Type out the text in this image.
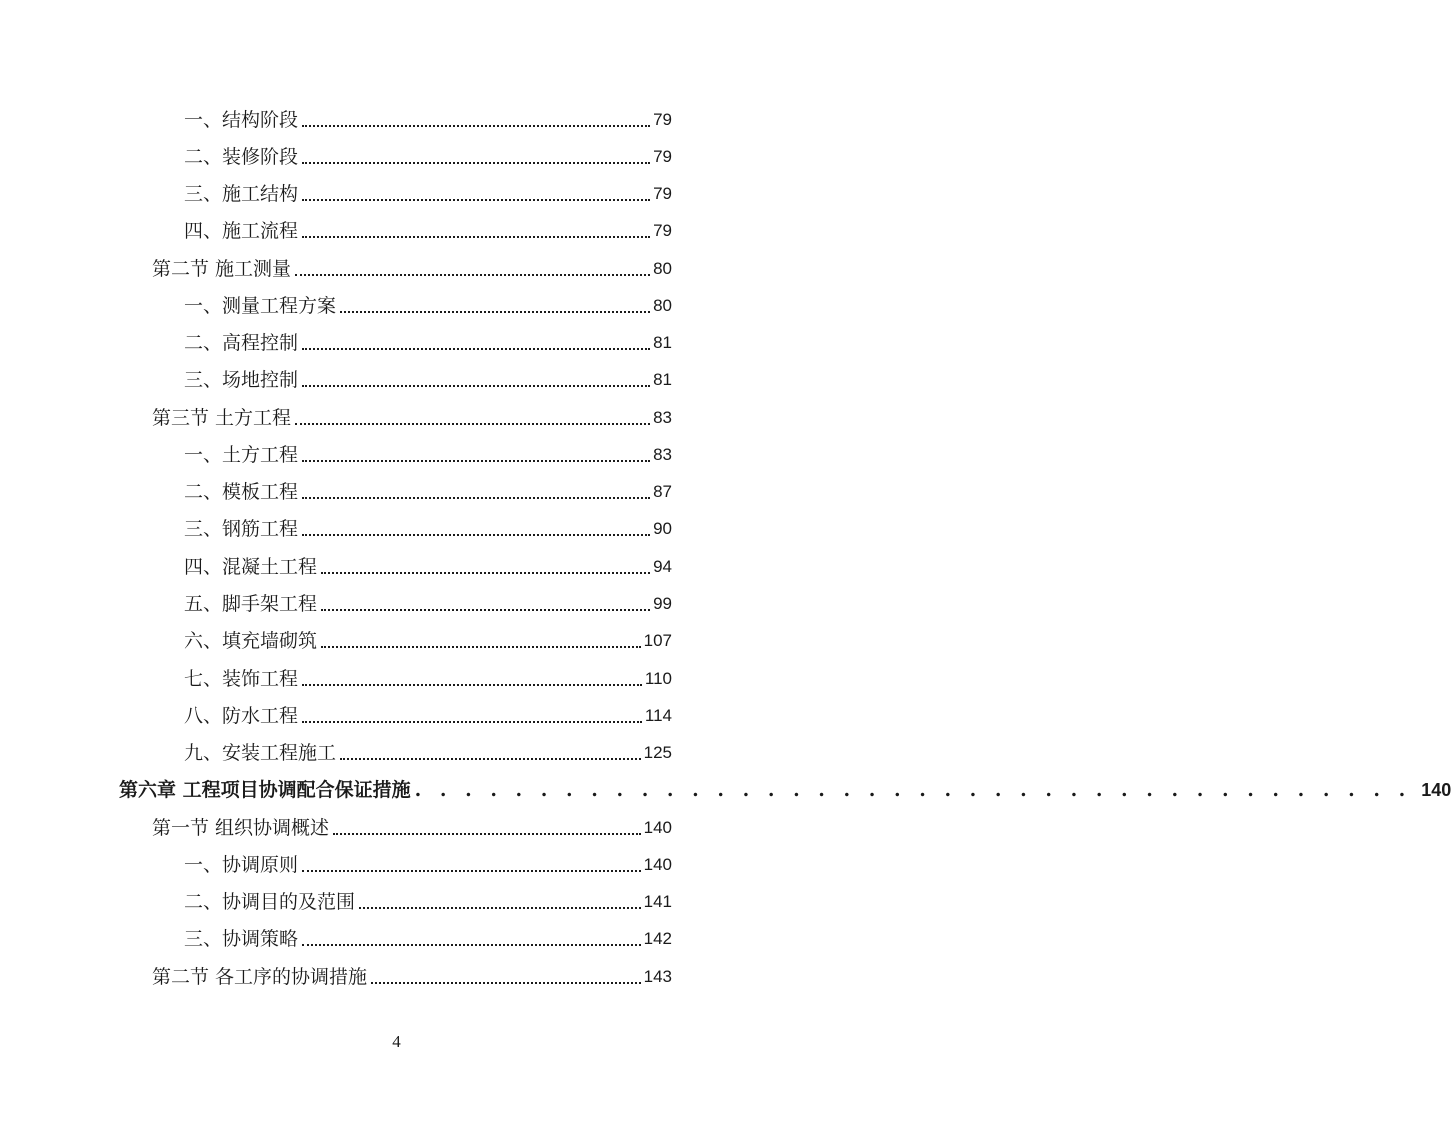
一、结构阶段	79
二、装修阶段	79
三、施工结构	79
四、施工流程	79
第二节 施工测量	80
一、测量工程方案	80
二、高程控制	81
三、场地控制	81
第三节 土方工程	83
一、土方工程	83
二、模板工程	87
三、钢筋工程	90
四、混凝土工程	94
五、脚手架工程	99
六、填充墙砌筑	107
七、装饰工程	110
八、防水工程	114
九、安装工程施工	125
第六章 工程项目协调配合保证措施 . . . . . . . . . . . . . . . . . . . . . . . . . . . . . . . . . . . . . . . . 140
第一节 组织协调概述	140
一、协调原则	140
二、协调目的及范围	141
三、协调策略	142
第二节 各工序的协调措施	143
4
